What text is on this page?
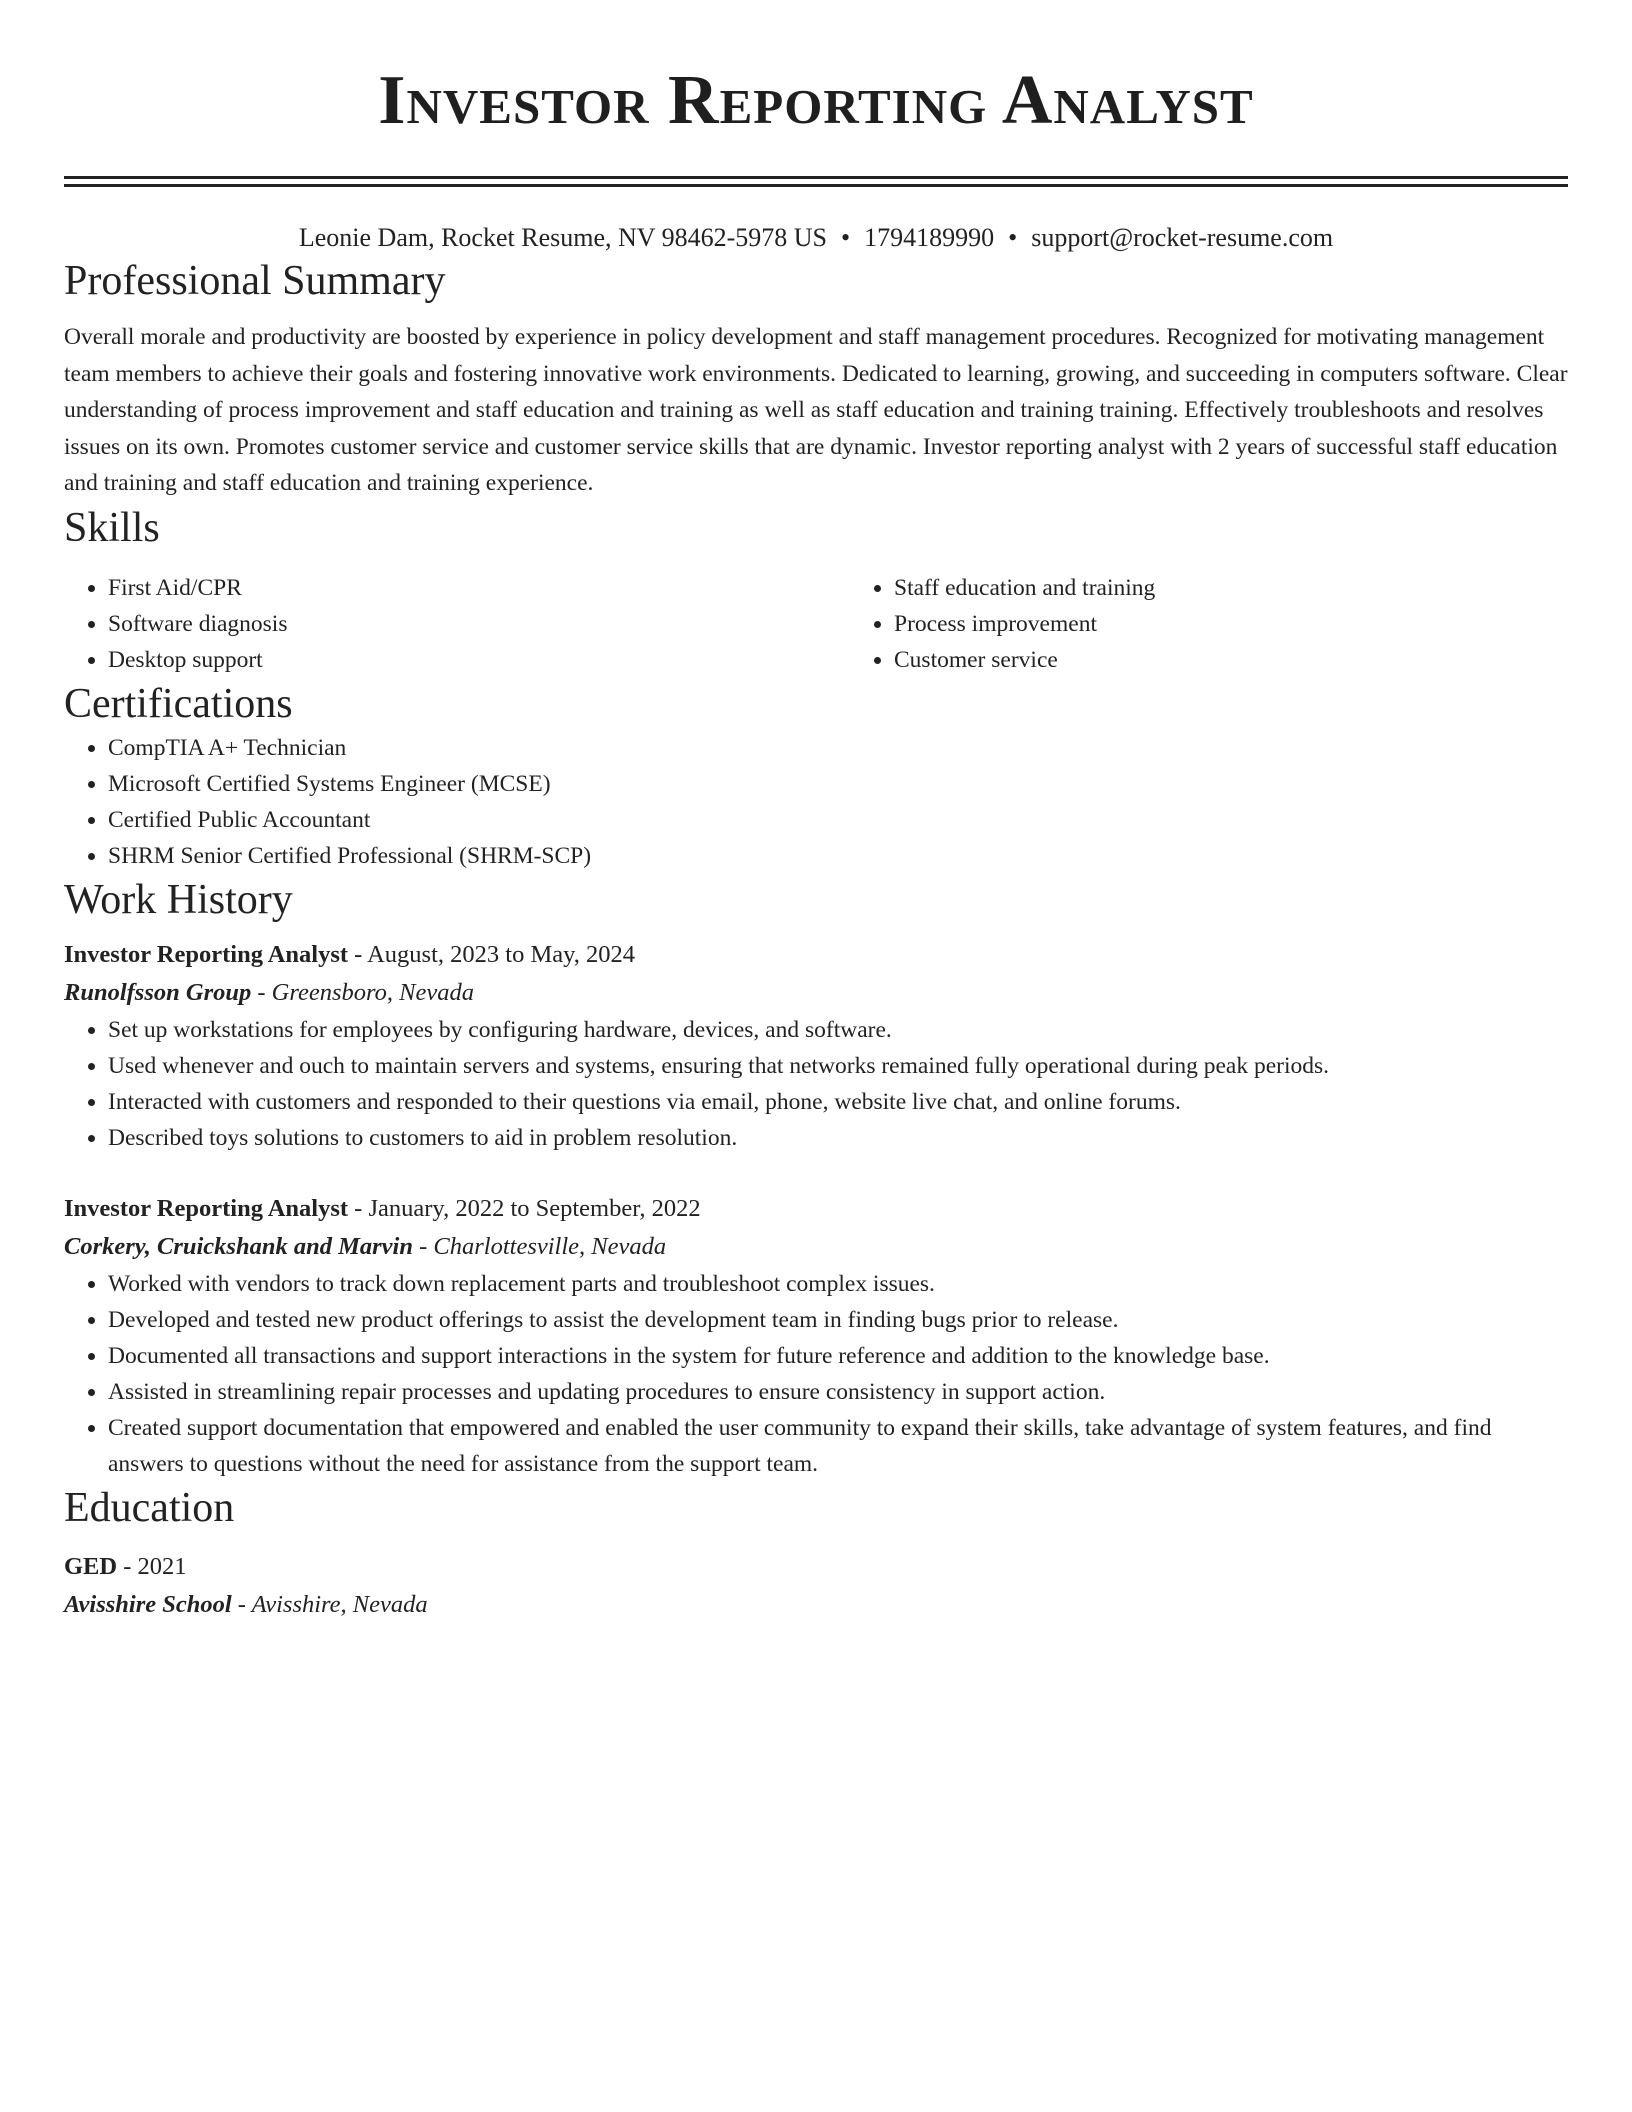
Investor Reporting Analyst
Leonie Dam, Rocket Resume, NV 98462-5978 US • 1794189990 • support@rocket-resume.com
Professional Summary
Overall morale and productivity are boosted by experience in policy development and staff management procedures. Recognized for motivating management team members to achieve their goals and fostering innovative work environments. Dedicated to learning, growing, and succeeding in computers software. Clear understanding of process improvement and staff education and training as well as staff education and training training. Effectively troubleshoots and resolves issues on its own. Promotes customer service and customer service skills that are dynamic. Investor reporting analyst with 2 years of successful staff education and training and staff education and training experience.
Skills
• First Aid/CPR
• Software diagnosis
• Desktop support
• Staff education and training
• Process improvement
• Customer service
Certifications
• CompTIA A+ Technician
• Microsoft Certified Systems Engineer (MCSE)
• Certified Public Accountant
• SHRM Senior Certified Professional (SHRM-SCP)
Work History
Investor Reporting Analyst - August, 2023 to May, 2024
Runolfsson Group - Greensboro, Nevada
• Set up workstations for employees by configuring hardware, devices, and software.
• Used whenever and ouch to maintain servers and systems, ensuring that networks remained fully operational during peak periods.
• Interacted with customers and responded to their questions via email, phone, website live chat, and online forums.
• Described toys solutions to customers to aid in problem resolution.
Investor Reporting Analyst - January, 2022 to September, 2022
Corkery, Cruickshank and Marvin - Charlottesville, Nevada
• Worked with vendors to track down replacement parts and troubleshoot complex issues.
• Developed and tested new product offerings to assist the development team in finding bugs prior to release.
• Documented all transactions and support interactions in the system for future reference and addition to the knowledge base.
• Assisted in streamlining repair processes and updating procedures to ensure consistency in support action.
• Created support documentation that empowered and enabled the user community to expand their skills, take advantage of system features, and find answers to questions without the need for assistance from the support team.
Education
GED - 2021
Avisshire School - Avisshire, Nevada
